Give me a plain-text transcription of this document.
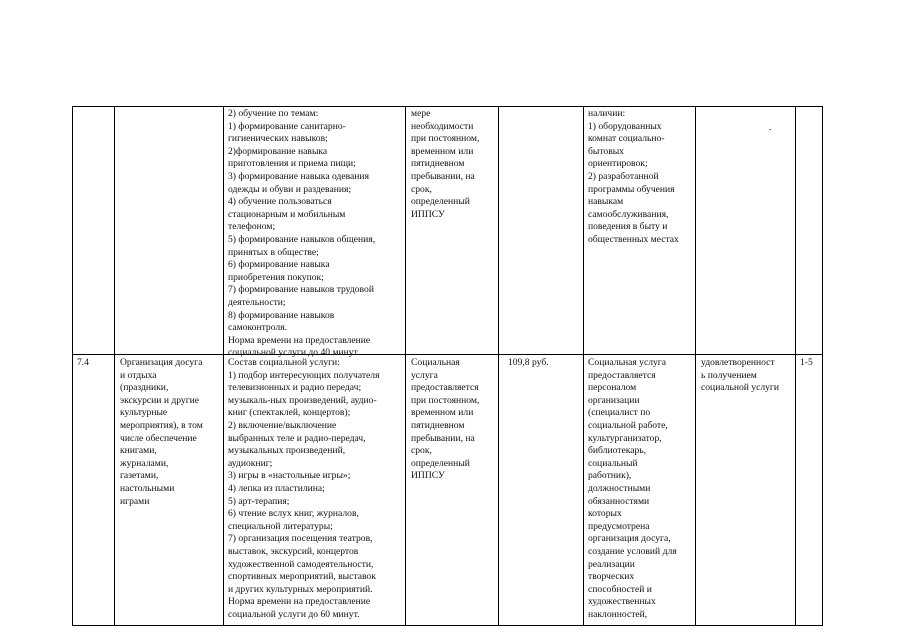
2) обучение по темам:
1) формирование санитарно-
гигиенических навыков;
2)формирование навыка
приготовления и приема пищи;
3) формирование навыка одевания
одежды и обуви и раздевания;
4) обучение пользоваться
стационарным и мобильным
телефоном;
5) формирование навыков общения,
принятых в обществе;
6) формирование навыка
приобретения покупок;
7) формирование навыков трудовой
деятельности;
8) формирование навыков
самоконтроля.
Норма времени на предоставление
социальной услуги до 40 минут.
мере
необходимости
при постоянном,
временном или
пятидневном
пребывании, на
срок,
определенный
ИППСУ
наличии:
1) оборудованных
комнат социально-
бытовых
ориентировок;
2) разработанной
программы обучения
навыкам
самообслуживания,
поведения в быту и
общественных местах
7.4	Организация досуга
и отдыха
(праздники,
экскурсии и другие
культурные
мероприятия), в том
числе обеспечение
книгами,
журналами,
газетами,
настольными
играми
Состав социальной услуги:
1) подбор интересующих получателя
телевизионных и радио передач;
музыкаль-ных произведений, аудио-
книг (спектаклей, концертов);
2) включение/выключение
выбранных теле и радио-передач,
музыкальных произведений,
аудиокниг;
3) игры в «настольные игры»;
4) лепка из пластилина;
5) арт-терапия;
6) чтение вслух книг, журналов,
специальной литературы;
7) организация посещения театров,
выставок, экскурсий, концертов
художественной самодеятельности,
спортивных мероприятий, выставок
и других культурных мероприятий.
Норма времени на предоставление
социальной услуги до 60 минут.
Социальная
услуга
предоставляется
при постоянном,
временном или
пятидневном
пребывании, на
срок,
определенный
ИППСУ
109,8 руб.	Социальная услуга
предоставляется
персоналом
организации
(специалист по
социальной работе,
культурганизатор,
библиотекарь,
социальный
работник),
должностными
обязанностями
которых
предусмотрена
организация досуга,
создание условий для
реализации
творческих
способностей и
художественных
наклонностей,
удовлетворенност
ь получением
социальной услуги
1-5
